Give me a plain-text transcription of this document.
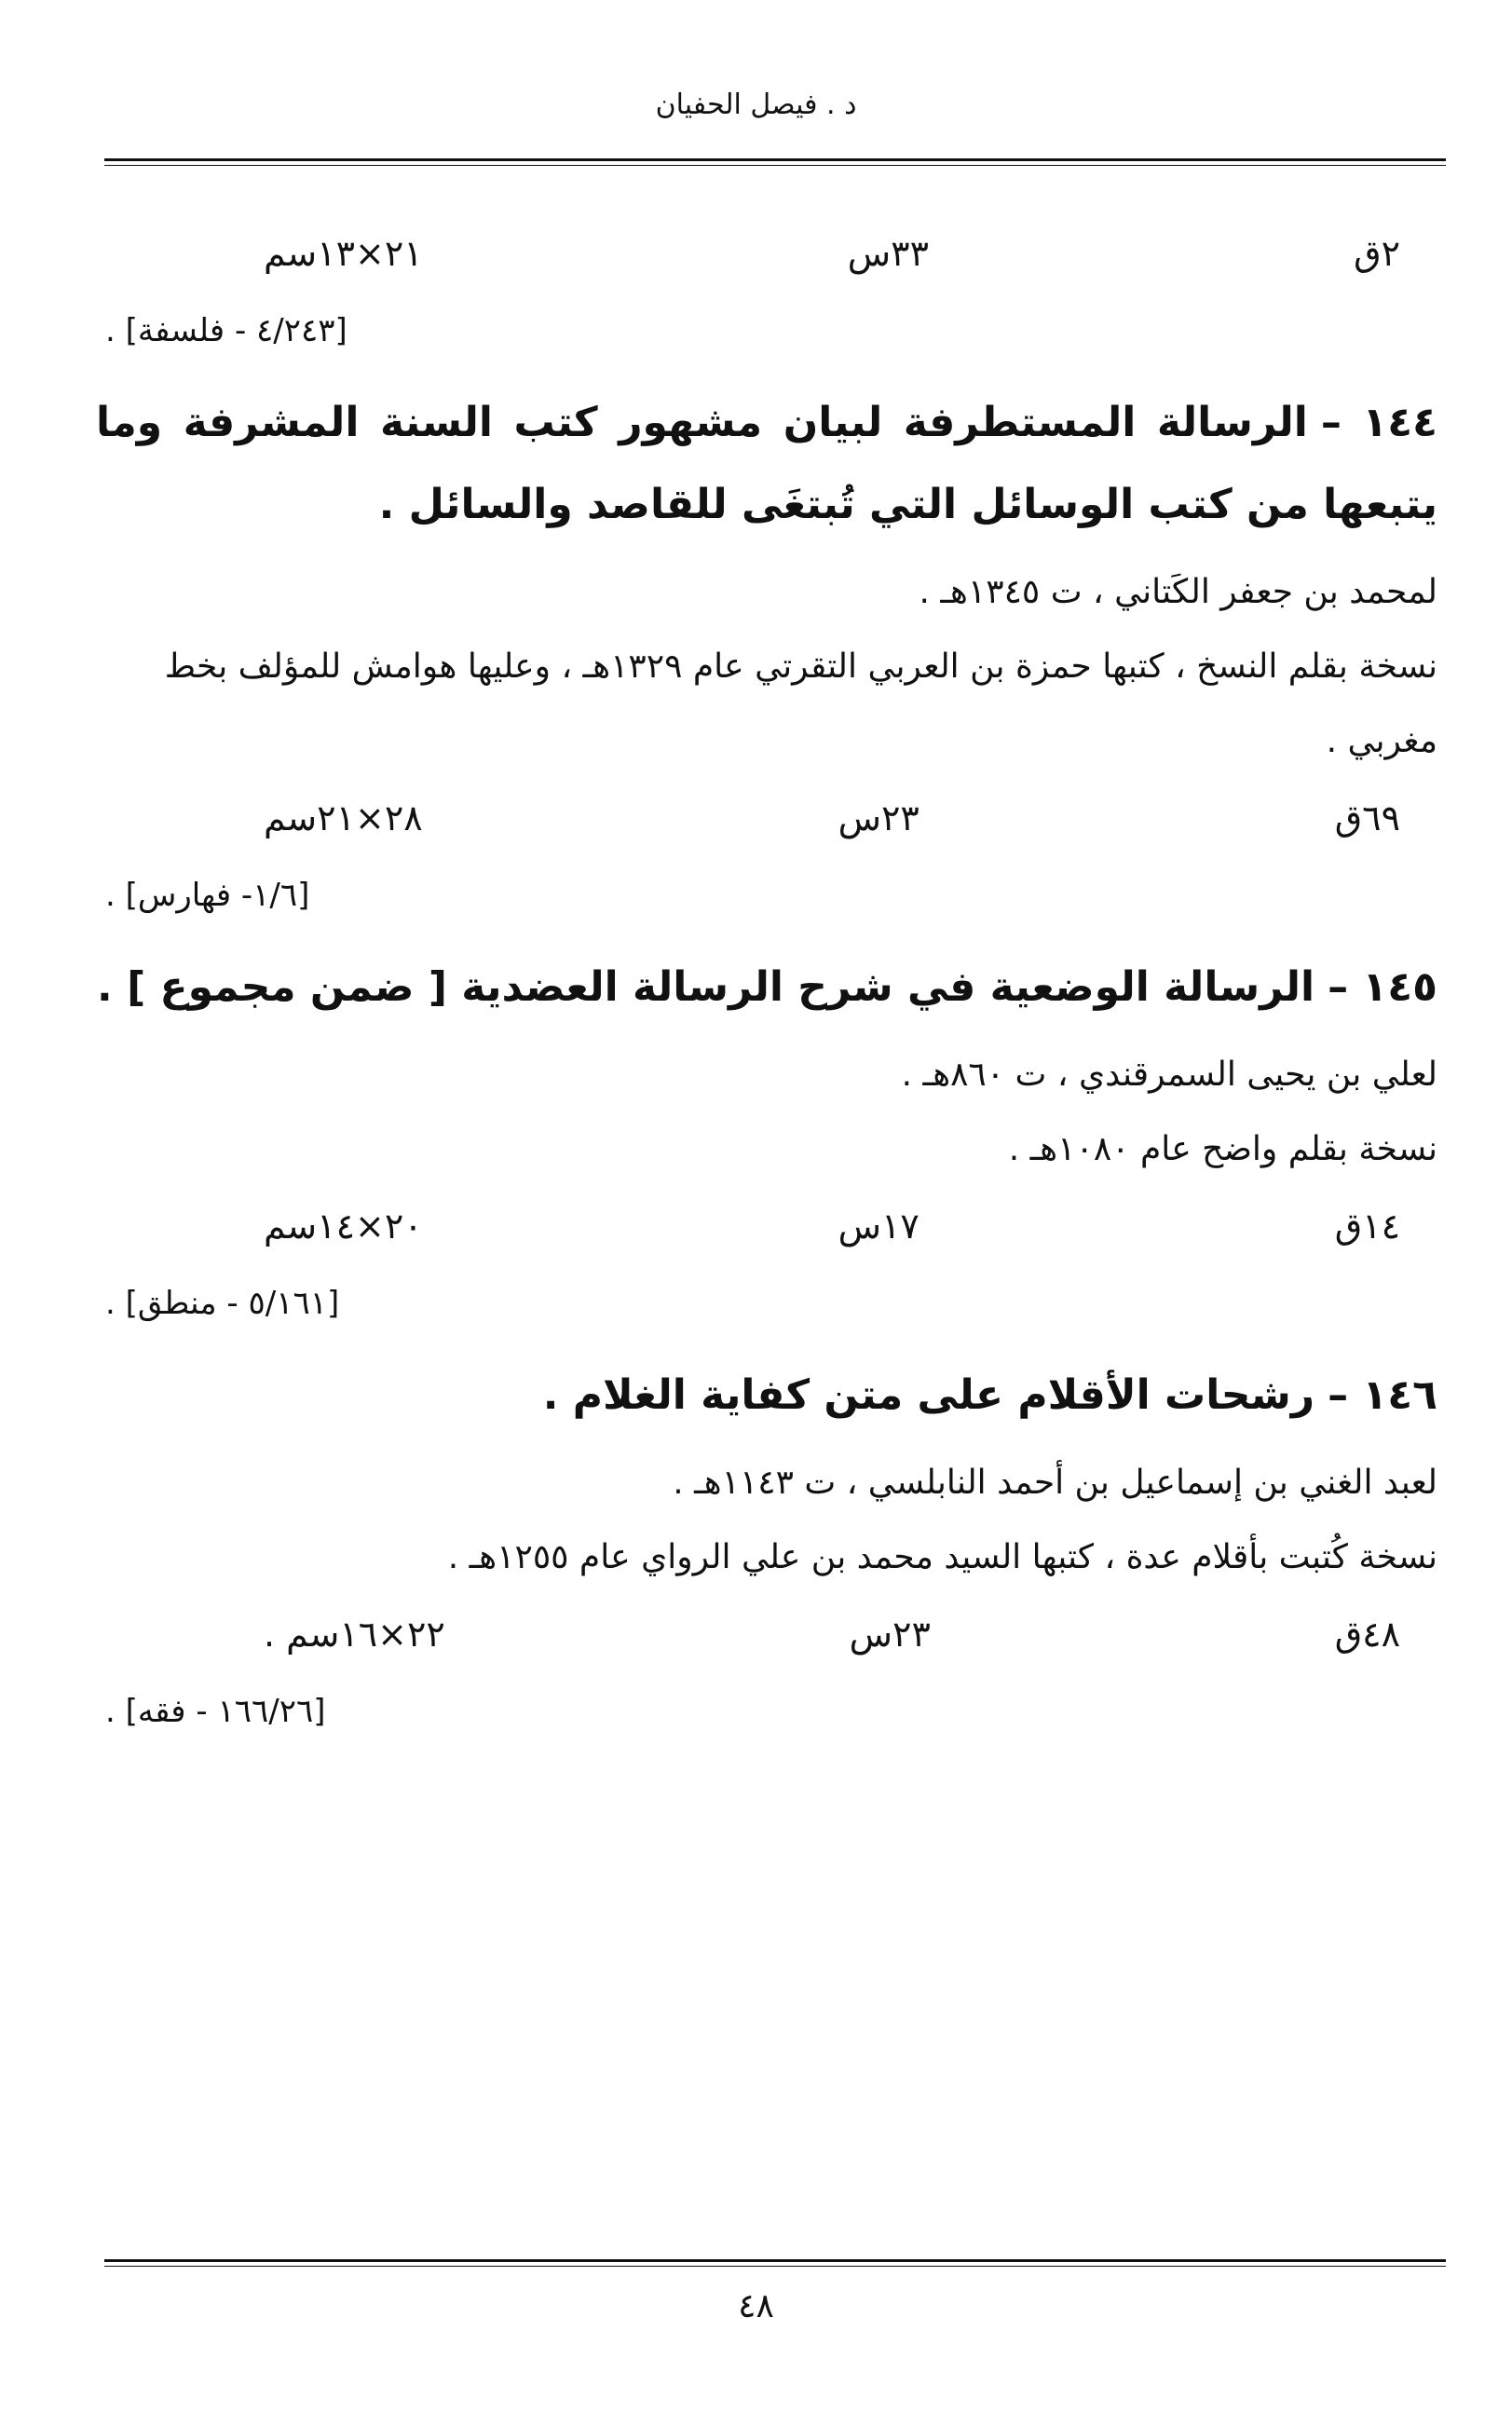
د . فيصل الحفيان
٢ق
٣٣س
٢١×١٣سم
[٤/٢٤٣ - فلسفة] .
١٤٤ –الرسالة المستطرفة لبيان مشهور كتب السنة المشرفة وما يتبعها من كتب الوسائل التي تُبتغَى للقاصد والسائل .
لمحمد بن جعفر الكَتاني ، ت ١٣٤٥هـ .
نسخة بقلم النسخ ، كتبها حمزة بن العربي التقرتي عام ١٣٢٩هـ ، وعليها هوامش للمؤلف بخط مغربي .
٦٩ق
٢٣س
٢٨×٢١سم
[١/٦- فهارس] .
١٤٥ –الرسالة الوضعية في شرح الرسالة العضدية [ ضمن مجموع ] .
لعلي بن يحيى السمرقندي ، ت ٨٦٠هـ .
نسخة بقلم واضح عام ١٠٨٠هـ .
١٤ق
١٧س
٢٠×١٤سم
[٥/١٦١ - منطق] .
١٤٦ –رشحات الأقلام على متن كفاية الغلام .
لعبد الغني بن إسماعيل بن أحمد النابلسي ، ت ١١٤٣هـ .
نسخة كُتبت بأقلام عدة ، كتبها السيد محمد بن علي الرواي عام ١٢٥٥هـ .
٤٨ق
٢٣س
٢٢×١٦سم .
[١٦٦/٢٦ - فقه] .
٤٨
